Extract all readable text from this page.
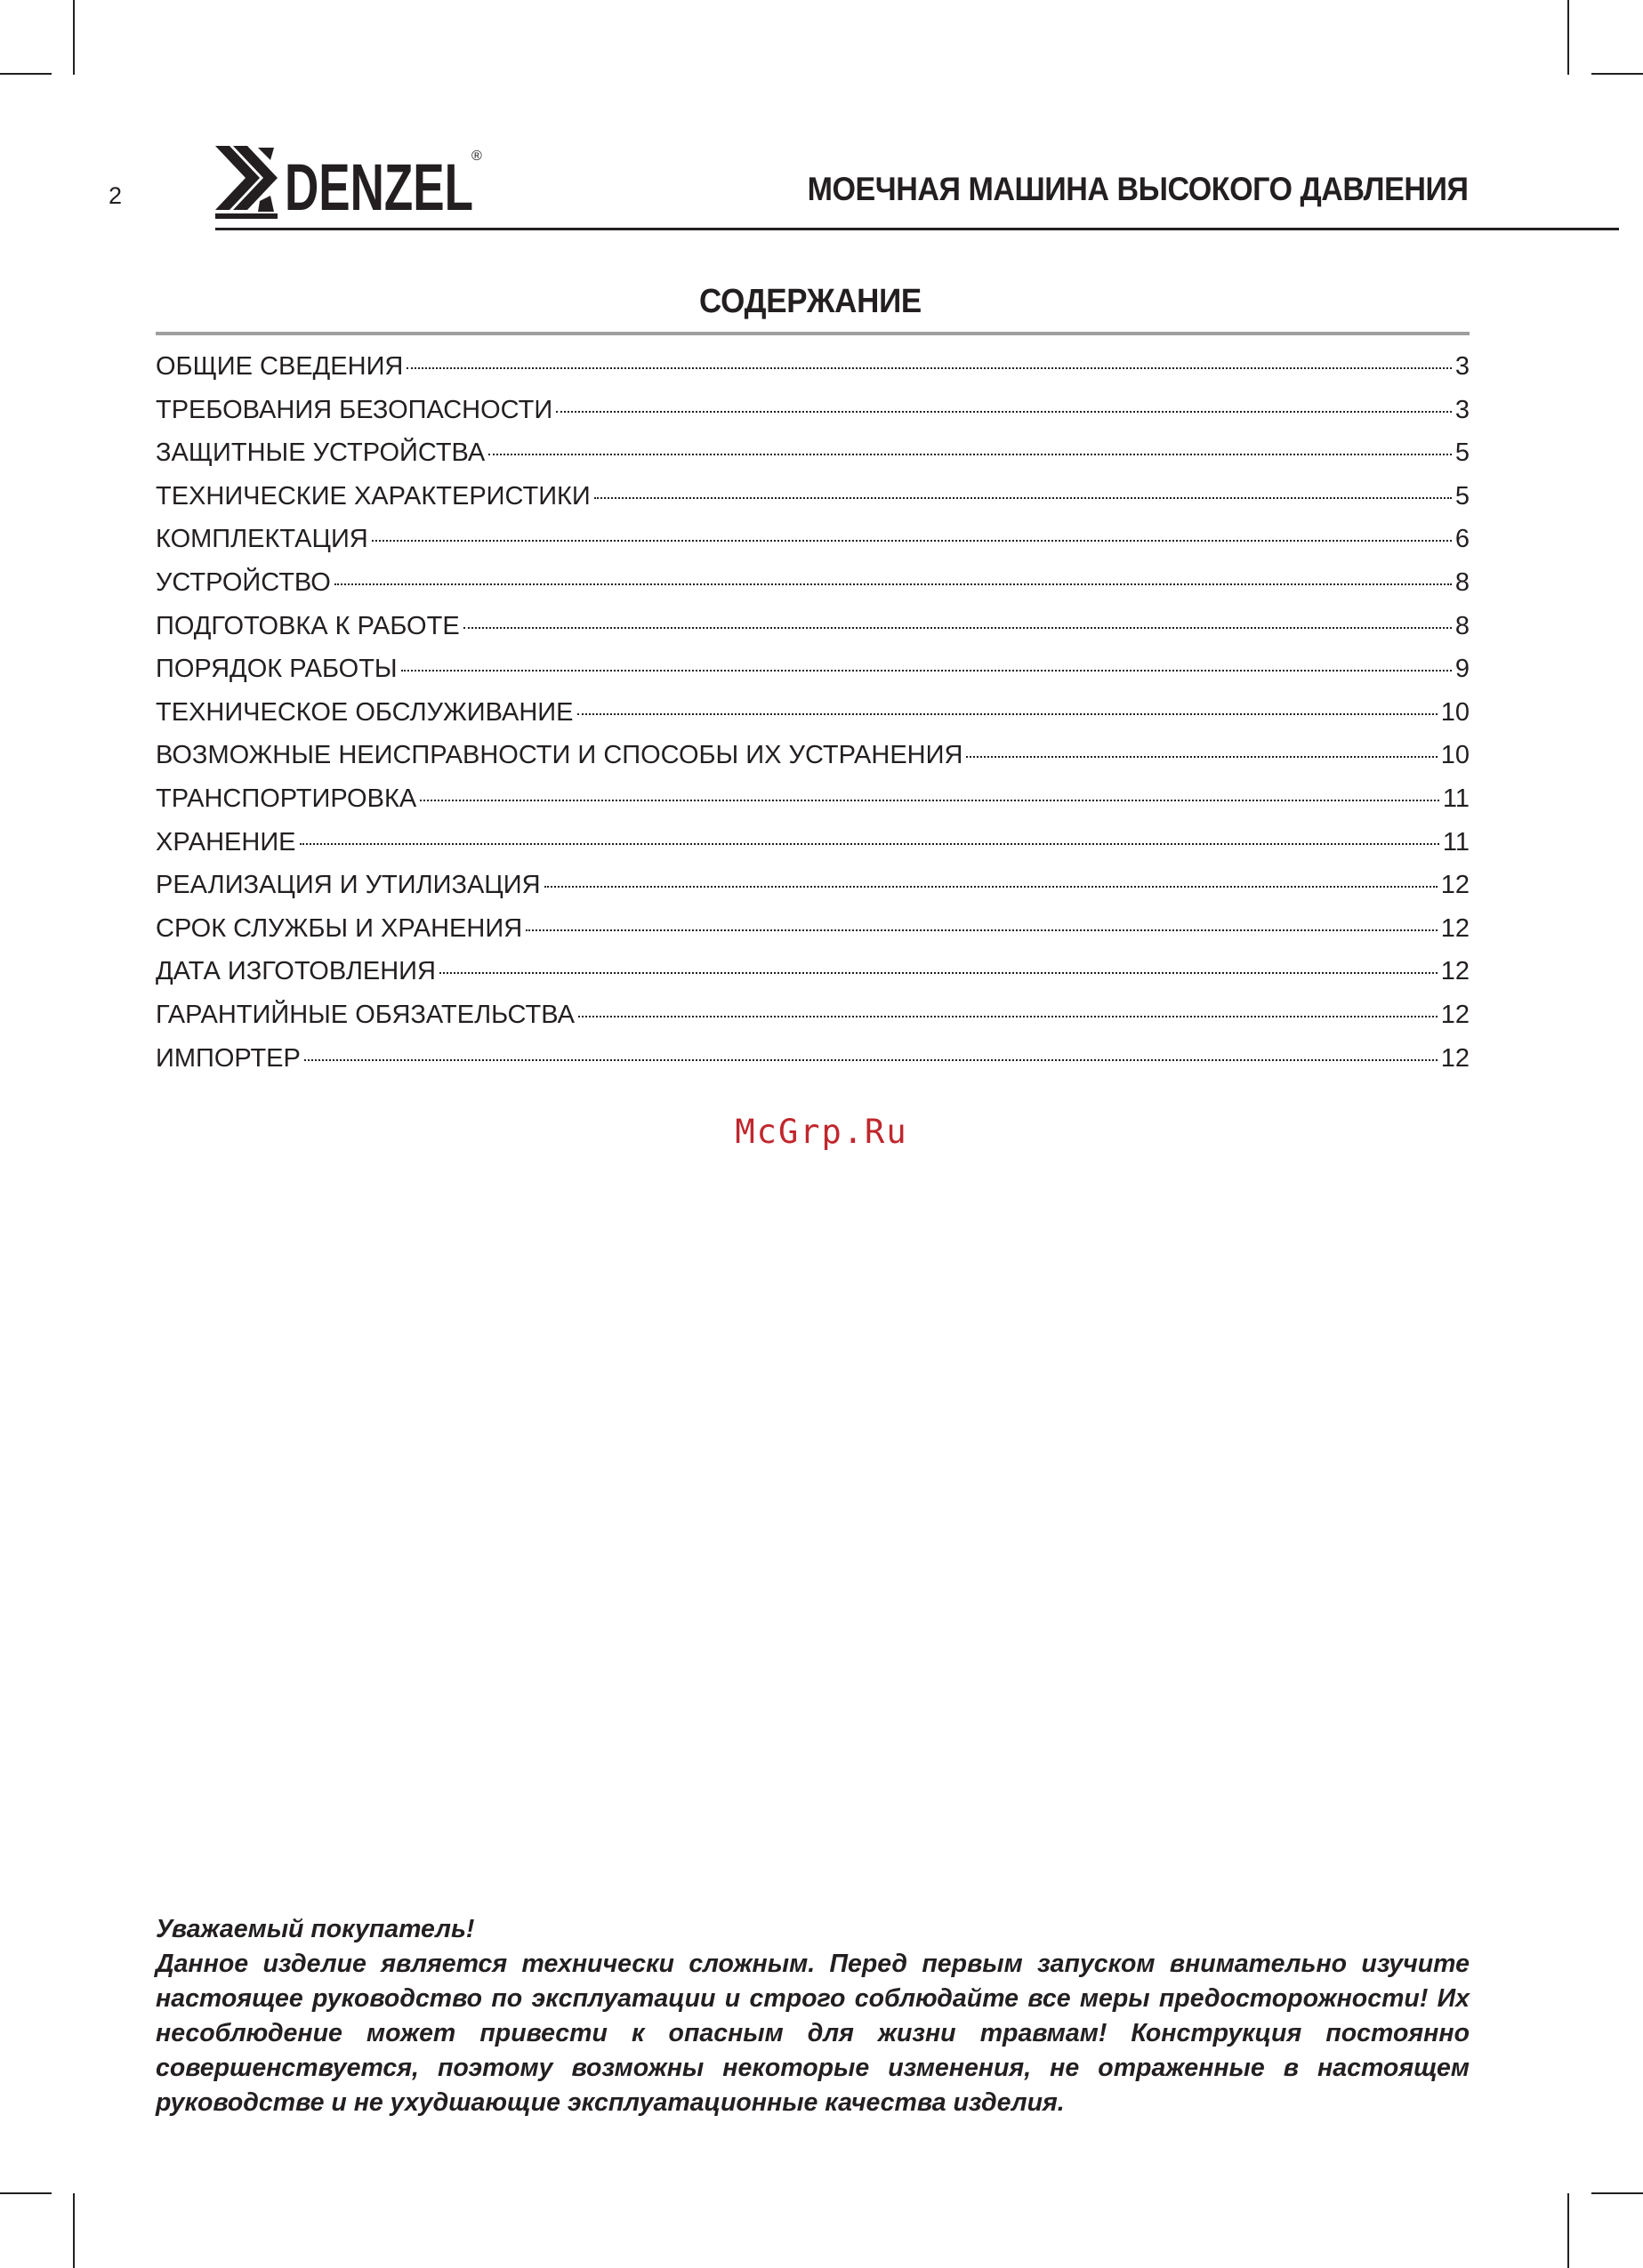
2 DENZEL
®
МОЕЧНАЯ МАШИНА ВЫСОКОГО ДАВЛЕНИЯ
СОДЕРЖАНИЕ
ОБЩИЕ СВЕДЕНИЯ	3
ТРЕБОВАНИЯ БЕЗОПАСНОСТИ	3
ЗАЩИТНЫЕ УСТРОЙСТВА	5
ТЕХНИЧЕСКИЕ ХАРАКТЕРИСТИКИ	5
КОМПЛЕКТАЦИЯ	6
УСТРОЙСТВО	8
ПОДГОТОВКА К РАБОТЕ	8
ПОРЯДОК РАБОТЫ	9
ТЕХНИЧЕСКОЕ ОБСЛУЖИВАНИЕ	10
ВОЗМОЖНЫЕ НЕИСПРАВНОСТИ И СПОСОБЫ ИХ УСТРАНЕНИЯ	10
ТРАНСПОРТИРОВКА	11
ХРАНЕНИЕ	11
РЕАЛИЗАЦИЯ И УТИЛИЗАЦИЯ	12
СРОК СЛУЖБЫ И ХРАНЕНИЯ	12
ДАТА ИЗГОТОВЛЕНИЯ	12
ГАРАНТИЙНЫЕ ОБЯЗАТЕЛЬСТВА	12
ИМПОРТЕР	12
McGrp.Ru

Уважаемый покупатель!

Данное изделие является технически сложным. Перед первым запуском внимательно изучите настоящее руководство по эксплуатации и строго соблюдайте все меры предосторожности! Их несоблюдение может привести к опасным для жизни травмам! Конструкция постоянно совершенствуется, поэтому возможны некоторые изменения, не отраженные в настоящем руководстве и не ухудшающие эксплуатационные качества изделия.
